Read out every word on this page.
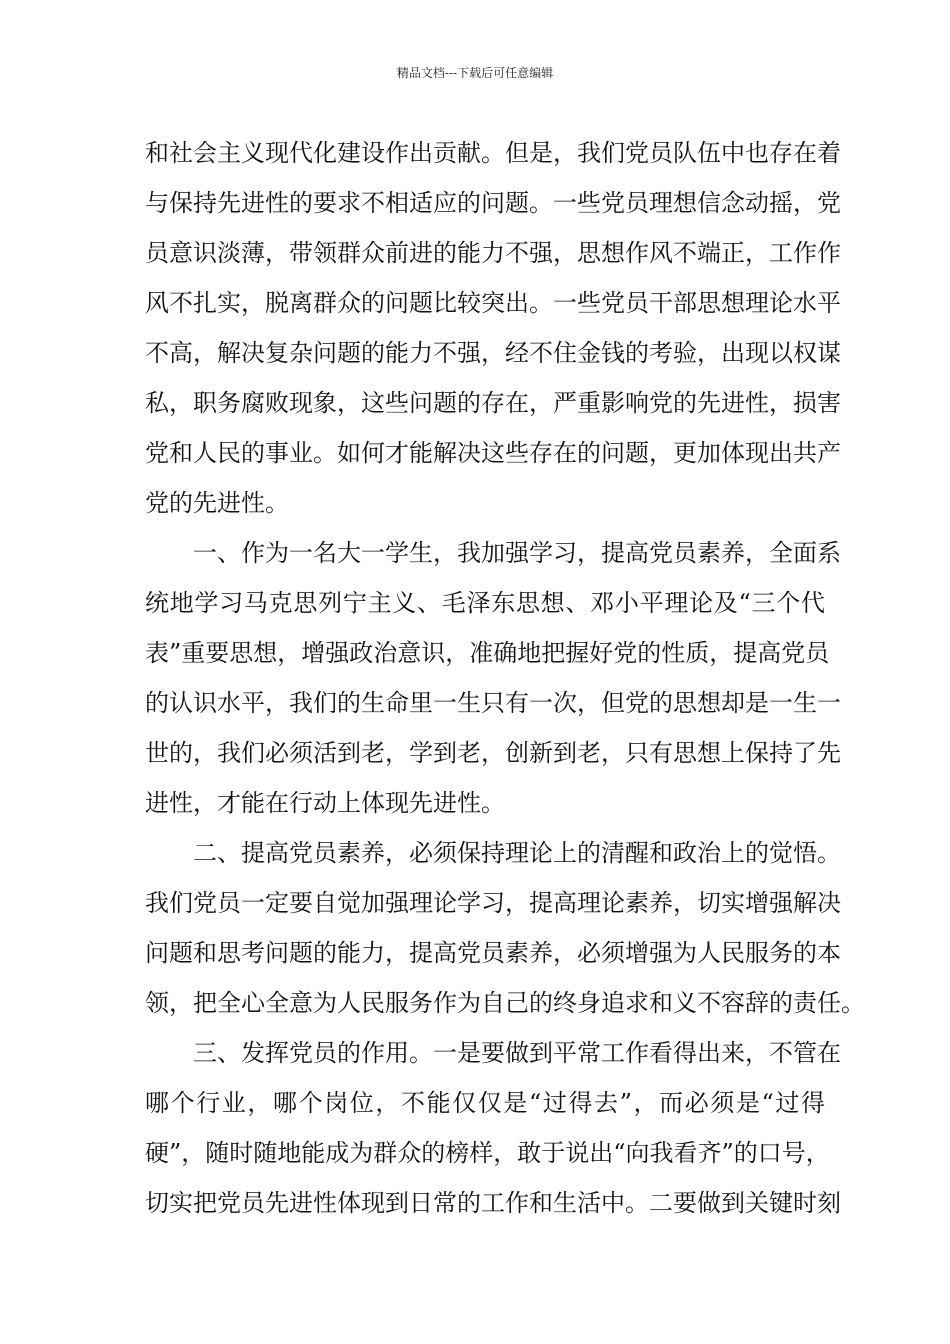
精品文档---下载后可任意编辑
和社会主义现代化建设作出贡献。但是，我们党员队伍中也存在着
与保持先进性的要求不相适应的问题。一些党员理想信念动摇，党
员意识淡薄，带领群众前进的能力不强，思想作风不端正，工作作
风不扎实，脱离群众的问题比较突出。一些党员干部思想理论水平
不高，解决复杂问题的能力不强，经不住金钱的考验，出现以权谋
私，职务腐败现象，这些问题的存在，严重影响党的先进性，损害
党和人民的事业。如何才能解决这些存在的问题，更加体现出共产
党的先进性。
一、作为一名大一学生，我加强学习，提高党员素养，全面系
统地学习马克思列宁主义、毛泽东思想、邓小平理论及“三个代
表”重要思想，增强政治意识，准确地把握好党的性质，提高党员
的认识水平，我们的生命里一生只有一次，但党的思想却是一生一
世的，我们必须活到老，学到老，创新到老，只有思想上保持了先
进性，才能在行动上体现先进性。
二、提高党员素养，必须保持理论上的清醒和政治上的觉悟。
我们党员一定要自觉加强理论学习，提高理论素养，切实增强解决
问题和思考问题的能力，提高党员素养，必须增强为人民服务的本
领，把全心全意为人民服务作为自己的终身追求和义不容辞的责任。
三、发挥党员的作用。一是要做到平常工作看得出来，不管在
哪个行业，哪个岗位，不能仅仅是“过得去”，而必须是“过得
硬”，随时随地能成为群众的榜样，敢于说出“向我看齐”的口号，
切实把党员先进性体现到日常的工作和生活中。二要做到关键时刻
